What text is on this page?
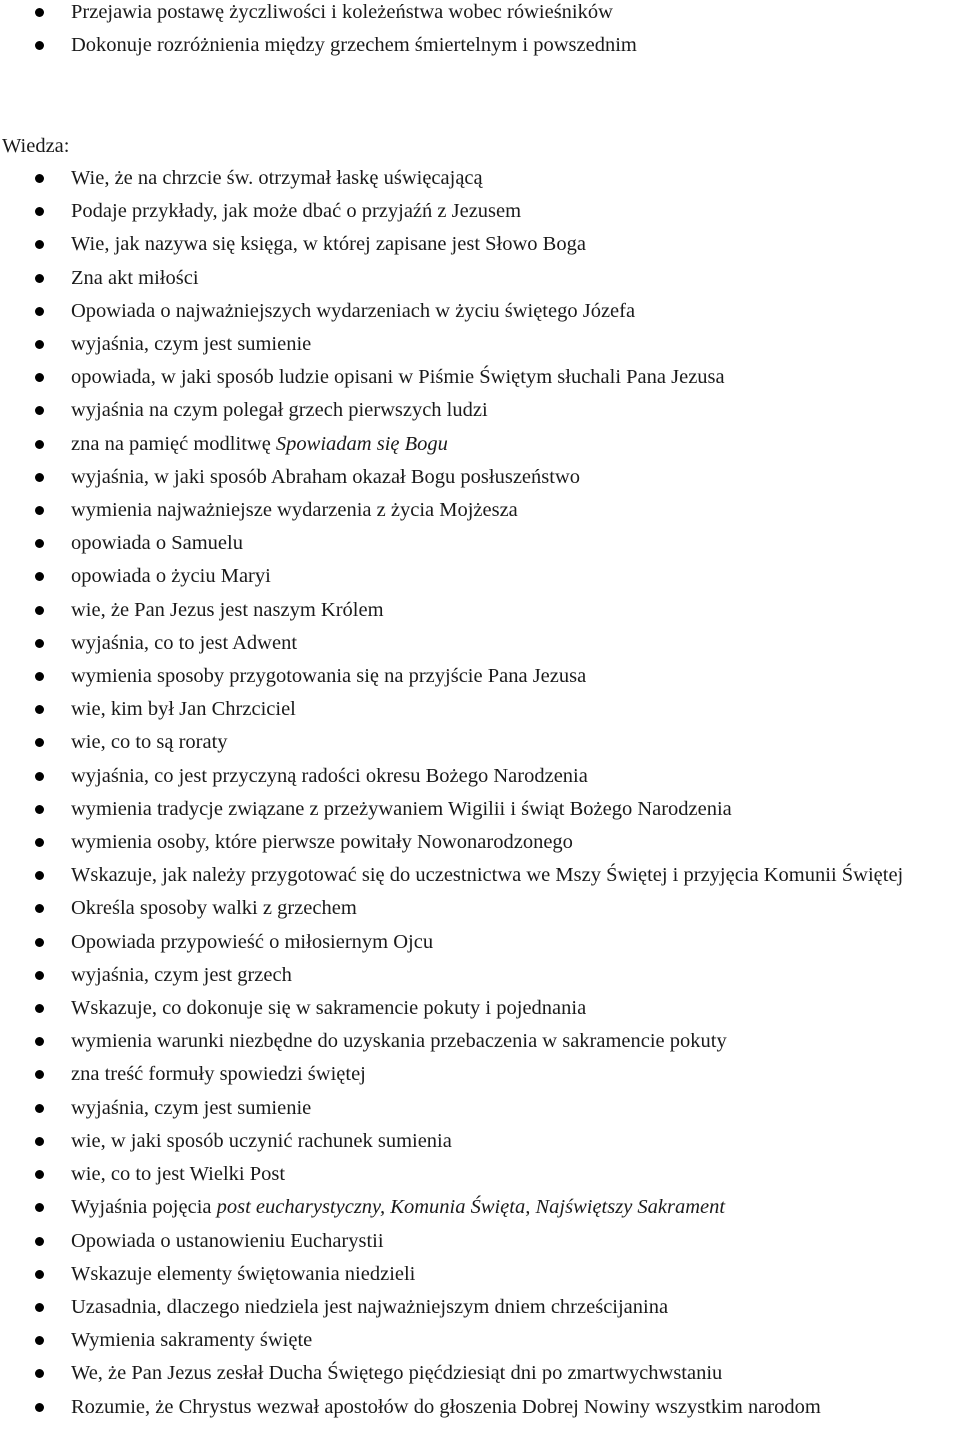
Przejawia postawę życzliwości i koleżeństwa wobec rówieśników
Dokonuje rozróżnienia między grzechem śmiertelnym i powszednim
Wiedza:
Wie, że na chrzcie św. otrzymał łaskę uświęcającą
Podaje przykłady, jak może dbać o przyjaźń z Jezusem
Wie, jak nazywa się księga, w której zapisane jest Słowo Boga
Zna akt miłości
Opowiada o najważniejszych wydarzeniach w życiu świętego Józefa
wyjaśnia, czym jest sumienie
opowiada, w jaki sposób ludzie opisani w Piśmie Świętym słuchali Pana Jezusa
wyjaśnia na czym polegał grzech pierwszych ludzi
zna na pamięć modlitwę Spowiadam się Bogu
wyjaśnia, w jaki sposób Abraham okazał Bogu posłuszeństwo
wymienia najważniejsze wydarzenia z życia Mojżesza
opowiada o Samuelu
opowiada o życiu Maryi
wie, że Pan Jezus jest naszym Królem
wyjaśnia, co to jest Adwent
wymienia sposoby przygotowania się na przyjście Pana Jezusa
wie, kim był Jan Chrzciciel
wie, co to są roraty
wyjaśnia, co jest przyczyną radości okresu Bożego Narodzenia
wymienia tradycje związane z przeżywaniem Wigilii i świąt Bożego Narodzenia
wymienia osoby, które pierwsze powitały Nowonarodzonego
Wskazuje, jak należy przygotować się do uczestnictwa we Mszy Świętej i przyjęcia Komunii Świętej
Określa sposoby walki z grzechem
Opowiada przypowieść o miłosiernym Ojcu
wyjaśnia, czym jest grzech
Wskazuje, co dokonuje się w sakramencie pokuty i pojednania
wymienia warunki niezbędne do uzyskania przebaczenia w sakramencie pokuty
zna treść formuły spowiedzi świętej
wyjaśnia, czym jest sumienie
wie, w jaki sposób uczynić rachunek sumienia
wie, co to jest Wielki Post
Wyjaśnia pojęcia post eucharystyczny, Komunia Święta, Najświętszy Sakrament
Opowiada o ustanowieniu Eucharystii
Wskazuje elementy świętowania niedzieli
Uzasadnia, dlaczego niedziela jest najważniejszym dniem chrześcijanina
Wymienia sakramenty święte
We, że Pan Jezus zesłał Ducha Świętego pięćdziesiąt dni po zmartwychwstaniu
Rozumie, że Chrystus wezwał apostołów do głoszenia Dobrej Nowiny wszystkim narodom
